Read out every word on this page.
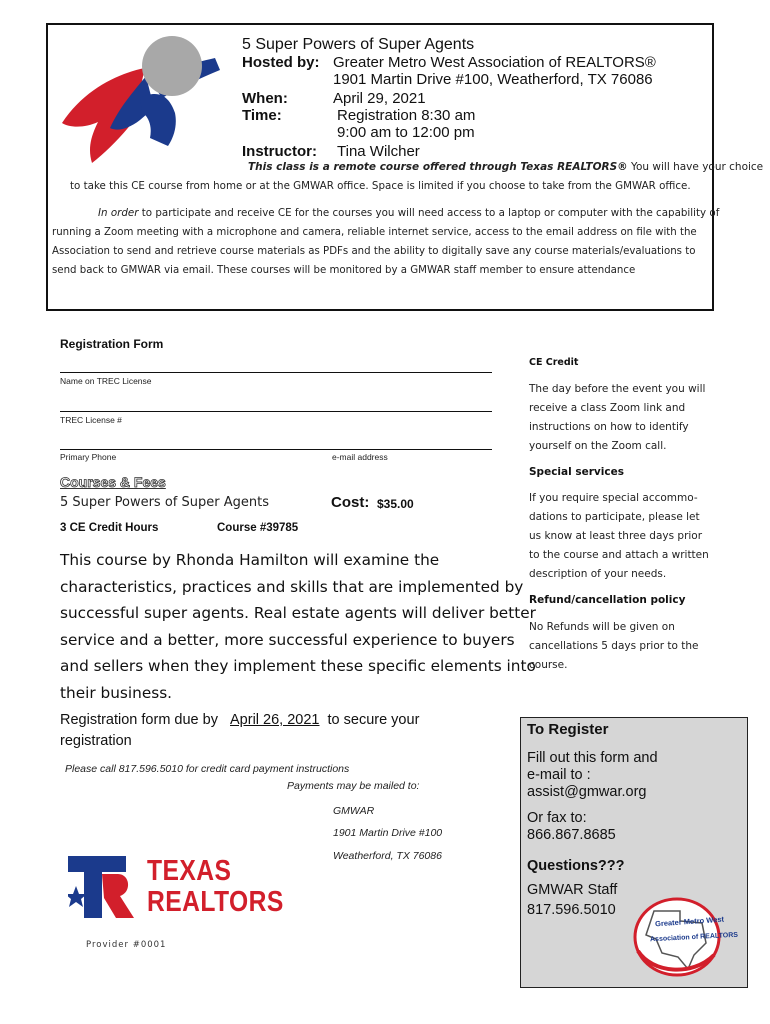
5 Super Powers of Super Agents
Hosted by: Greater Metro West Association of REALTORS®
1901 Martin Drive #100, Weatherford, TX 76086
When:	April 29, 2021
Time:	Registration 8:30 am
9:00 am to 12:00 pm
Instructor: Tina Wilcher
This class is a remote course offered through Texas REALTORS® You will have your choice
to take this CE course from home or at the GMWAR office. Space is limited if you choose to take from the GMWAR office.
In order to participate and receive CE for the courses you will need access to a laptop or computer with the capability of
running a Zoom meeting with a microphone and camera, reliable internet service, access to the email address on file with the
Association to send and retrieve course materials as PDFs and the ability to digitally save any course materials/evaluations to
send back to GMWAR via email. These courses will be monitored by a GMWAR staff member to ensure attendance
Registration Form
Name on TREC License
TREC License #
Primary Phone	e-mail address
Courses & Fees
5 Super Powers of Super Agents	Cost: $35.00
3 CE Credit Hours	Course #39785
This course by Rhonda Hamilton will examine the
characteristics, practices and skills that are implemented by
successful super agents. Real estate agents will deliver better
service and a better, more successful experience to buyers
and sellers when they implement these specific elements into
their business.
Registration form due by April 26, 2021 to secure your
registration
Please call 817.596.5010 for credit card payment instructions
Payments may be mailed to:
GMWAR
1901 Martin Drive #100
Weatherford, TX 76086
TEXAS
REALTORS
Provider #0001
CE Credit
The day before the event you will
receive a class Zoom link and
instructions on how to identify
yourself on the Zoom call.
Special services
If you require special accommo-
dations to participate, please let
us know at least three days prior
to the course and attach a written
description of your needs.
Refund/cancellation policy
No Refunds will be given on
cancellations 5 days prior to the
course.
To Register
Fill out this form and
e-mail to :
assist@gmwar.org
Or fax to:
866.867.8685
Questions???
GMWAR Staff
817.596.5010
Greater Metro West
Association of REALTORS
